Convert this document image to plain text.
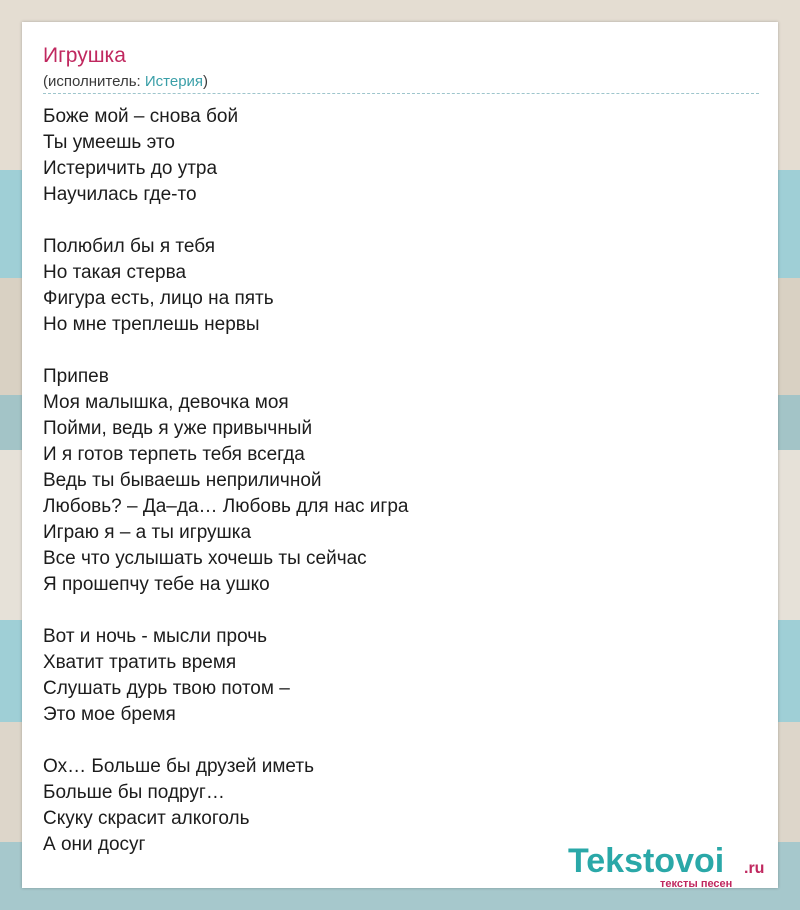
Игрушка
(исполнитель: Истерия)
Боже мой – снова бой
Ты умеешь это
Истеричить до утра
Научилась где-то
Полюбил бы я тебя
Но такая стерва
Фигура есть, лицо на пять
Но мне треплешь нервы
Припев
Моя малышка, девочка моя
Пойми, ведь я уже привычный
И я готов терпеть тебя всегда
Ведь ты бываешь неприличной
Любовь? – Да–да… Любовь для нас игра
Играю я – а ты игрушка
Все что услышать хочешь ты сейчас
Я прошепчу тебе на ушко
Вот и ночь - мысли прочь
Хватит тратить время
Слушать дурь твою потом –
Это мое бремя
Ох… Больше бы друзей иметь
Больше бы подруг…
Скуку скрасит алкоголь
А они досуг	Tekstovoi .ru
тексты песен
